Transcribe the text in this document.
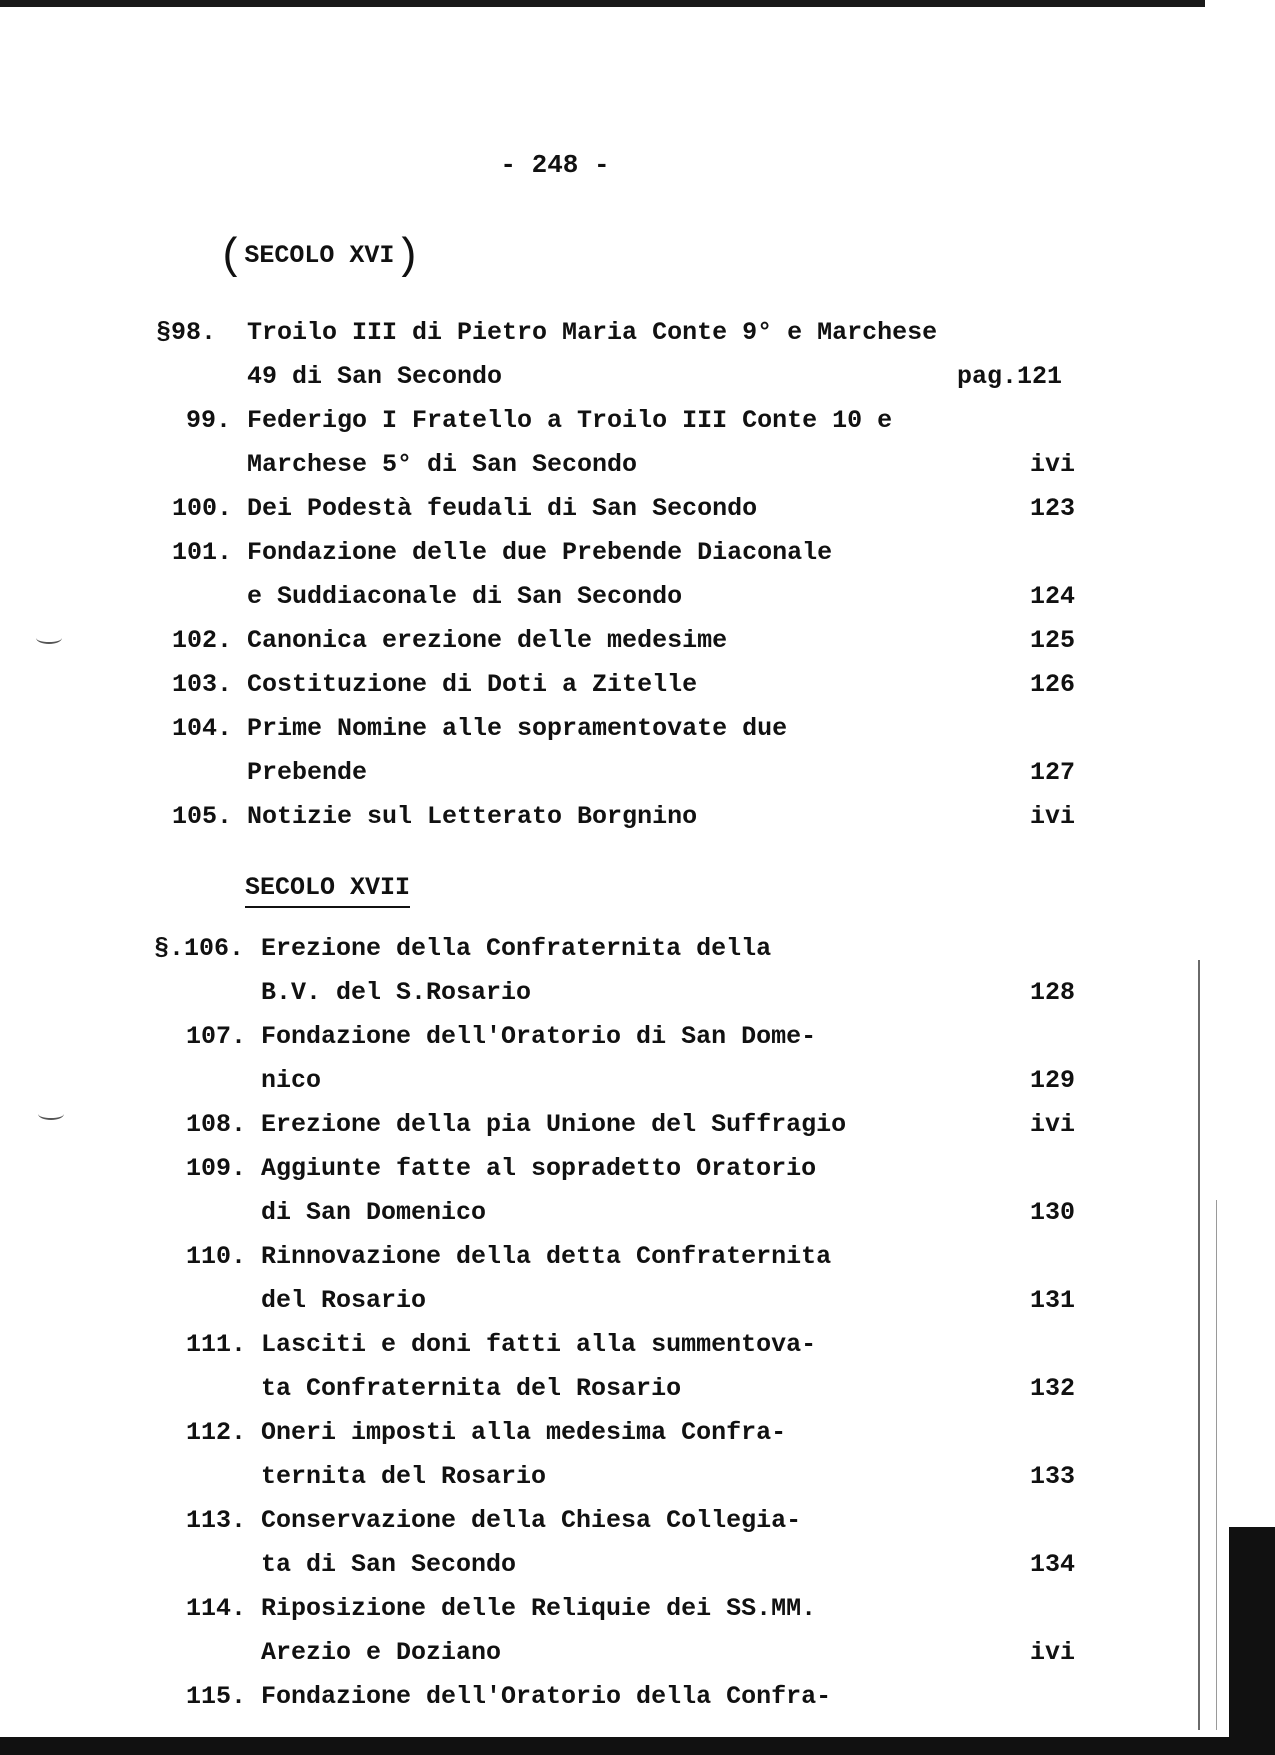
- 248 -
(SECOLO XVI)
SECOLO XVII
§98. Troilo III di Pietro Maria Conte 9° e Marchese
49 di San Secondo	pag.121
99. Federigo I Fratello a Troilo III Conte 10 e
Marchese 5° di San Secondo	ivi
100. Dei Podestà feudali di San Secondo	123
101. Fondazione delle due Prebende Diaconale
e Suddiaconale di San Secondo	124
102. Canonica erezione delle medesime	125
103. Costituzione di Doti a Zitelle	126
104. Prime Nomine alle sopramentovate due
Prebende	127
105. Notizie sul Letterato Borgnino	ivi
§.106. Erezione della Confraternita della
B.V. del S.Rosario	128
107. Fondazione dell'Oratorio di San Dome-
nico	129
108. Erezione della pia Unione del Suffragio	ivi
109. Aggiunte fatte al sopradetto Oratorio
di San Domenico	130
110. Rinnovazione della detta Confraternita
del Rosario	131
111. Lasciti e doni fatti alla summentova-
ta Confraternita del Rosario	132
112. Oneri imposti alla medesima Confra-
ternita del Rosario	133
113. Conservazione della Chiesa Collegia-
ta di San Secondo	134
114. Riposizione delle Reliquie dei SS.MM.
Arezio e Doziano	ivi
115. Fondazione dell'Oratorio della Confra-
